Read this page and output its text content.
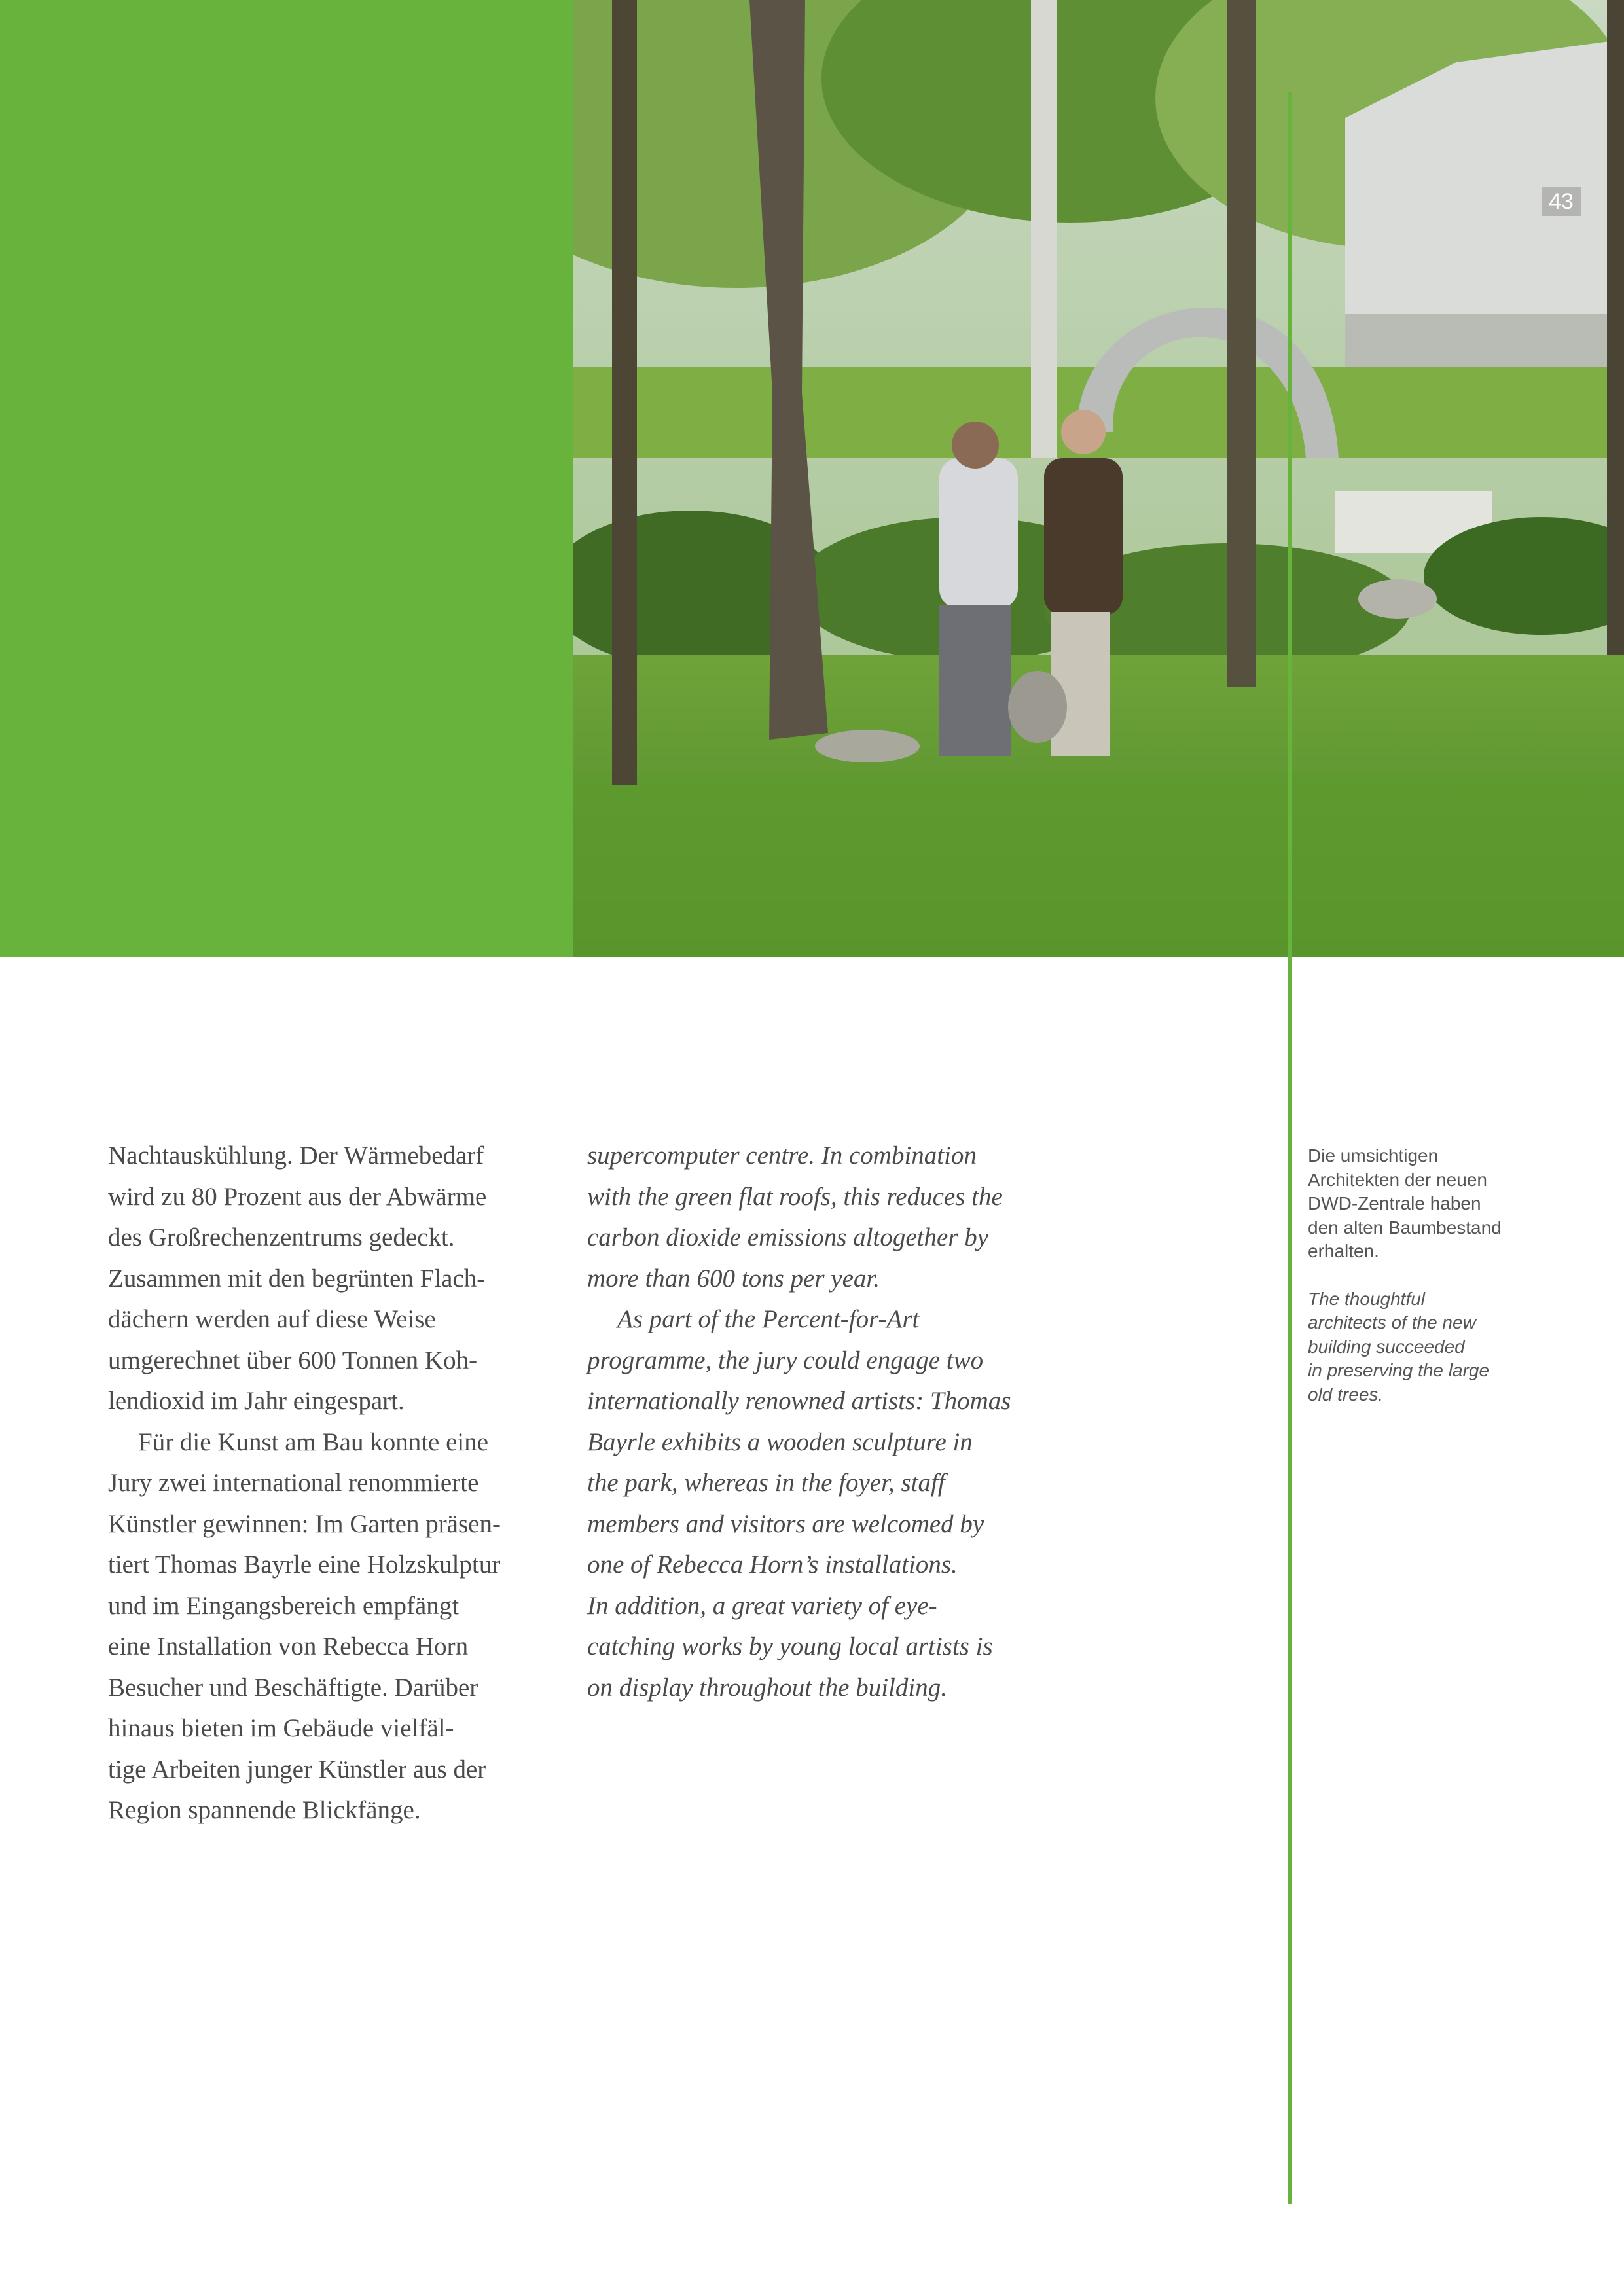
43

Nachtauskühlung. Der Wärmebedarf
wird zu 80 Prozent aus der Abwärme
des Großrechenzentrums gedeckt.
Zusammen mit den begrünten Flach-
dächern werden auf diese Weise
umgerechnet über 600 Tonnen Koh-
lendioxid im Jahr eingespart.

Für die Kunst am Bau konnte eine
Jury zwei international renommierte
Künstler gewinnen: Im Garten präsen-
tiert Thomas Bayrle eine Holzskulptur
und im Eingangsbereich empfängt
eine Installation von Rebecca Horn
Besucher und Beschäftigte. Darüber
hinaus bieten im Gebäude vielfäl-
tige Arbeiten junger Künstler aus der
Region spannende Blickfänge.

supercomputer centre. In combination
with the green flat roofs, this reduces the
carbon dioxide emissions altogether by
more than 600 tons per year.

As part of the Percent-for-Art
programme, the jury could engage two
internationally renowned artists: Thomas
Bayrle exhibits a wooden sculpture in
the park, whereas in the foyer, staff
members and visitors are welcomed by
one of Rebecca Horn’s installations.
In addition, a great variety of eye-
catching works by young local artists is
on display throughout the building.

Die umsichtigen
Architekten der neuen
DWD-Zentrale haben
den alten Baumbestand
erhalten.

The thoughtful
architects of the new
building succeeded
in preserving the large
old trees.
